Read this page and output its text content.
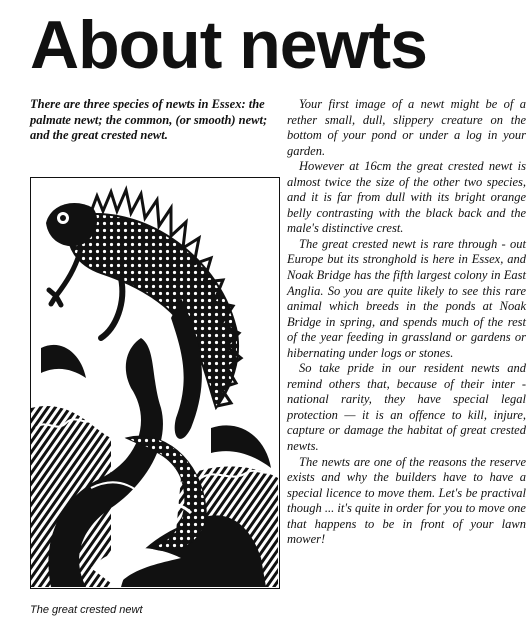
About newts

There are three species of newts in Essex: the palmate newt; the common, (or smooth) newt; and the great crested newt.

The great crested newt

Your first image of a newt might be of a rether small, dull, slippery creature on the bottom of your pond or under a log in your garden.

However at 16cm the great crested newt is almost twice the size of the other two species, and it is far from dull with its bright orange belly contrasting with the black back and the male's distinctive crest.

The great crested newt is rare through - out Europe but its stronghold is here in Essex, and Noak Bridge has the fifth largest colony in East Anglia. So you are quite likely to see this rare animal which breeds in the ponds at Noak Bridge in spring, and spends much of the rest of the year feeding in grassland or gardens or hibernating under logs or stones.

So take pride in our resident newts and remind others that, because of their inter - national rarity, they have special legal protection — it is an offence to kill, injure, capture or damage the habitat of great crested newts.

The newts are one of the reasons the reserve exists and why the builders have to have a special licence to move them. Let's be practival though ... it's quite in order for you to move one that happens to be in front of your lawn mower!
